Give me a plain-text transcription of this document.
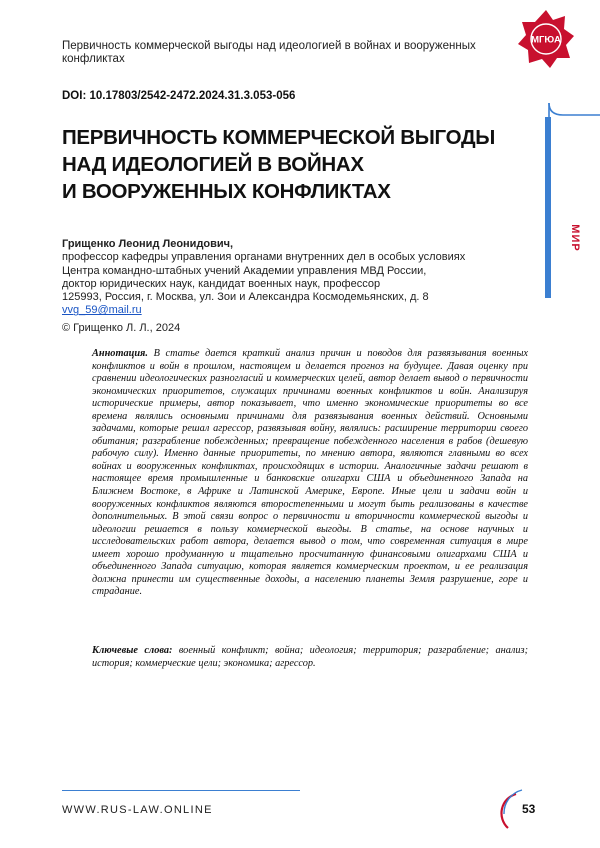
Первичность коммерческой выгоды над идеологией в войнах и вооруженных конфликтах
МГЮА
DOI: 10.17803/2542-2472.2024.31.3.053-056
МИР
ПЕРВИЧНОСТЬ КОММЕРЧЕСКОЙ ВЫГОДЫ
НАД ИДЕОЛОГИЕЙ В ВОЙНАХ
И ВООРУЖЕННЫХ КОНФЛИКТАХ
Грищенко Леонид Леонидович,
профессор кафедры управления органами внутренних дел в особых условиях
Центра командно-штабных учений Академии управления МВД России,
доктор юридических наук, кандидат военных наук, профессор
125993, Россия, г. Москва, ул. Зои и Александра Космодемьянских, д. 8
vvg_59@mail.ru
© Грищенко Л. Л., 2024

Аннотация. В статье дается краткий анализ причин и поводов для развязывания военных конфликтов и войн в прошлом, настоящем и делается прогноз на будущее. Давая оценку при сравнении идеологических разногласий и коммерческих целей, автор делает вывод о первичности экономических приоритетов, служащих причинами военных конфликтов и войн. Анализируя исторические примеры, автор показывает, что именно экономические приоритеты во все времена являлись основными причинами для развязывания военных действий. Основными задачами, которые решал агрессор, развязывая войну, являлись: расширение территории своего обитания; разграбление побежденных; превращение побежденного населения в рабов (дешевую рабочую силу). Именно данные приоритеты, по мнению автора, являются главными во всех войнах и вооруженных конфликтах, происходящих в истории. Аналогичные задачи решают в настоящее время промышленные и банковские олигархи США и объединенного Запада на Ближнем Востоке, в Африке и Латинской Америке, Европе. Иные цели и задачи войн и вооруженных конфликтов являются второстепенными и могут быть реализованы в качестве дополнительных. В этой связи вопрос о первичности и вторичности коммерческой выгоды и идеологии решается в пользу коммерческой выгоды. В статье, на основе научных и исследовательских работ автора, делается вывод о том, что современная ситуация в мире имеет хорошо продуманную и тщательно просчитанную финансовыми олигархами США и объединенного Запада ситуацию, которая является коммерческим проектом, и ее реализация должна принести им существенные доходы, а населению планеты Земля разрушение, горе и страдание.

Ключевые слова: военный конфликт; война; идеология; территория; разграбление; анализ; история; коммерческие цели; экономика; агрессор.

WWW.RUS-LAW.ONLINE	53
